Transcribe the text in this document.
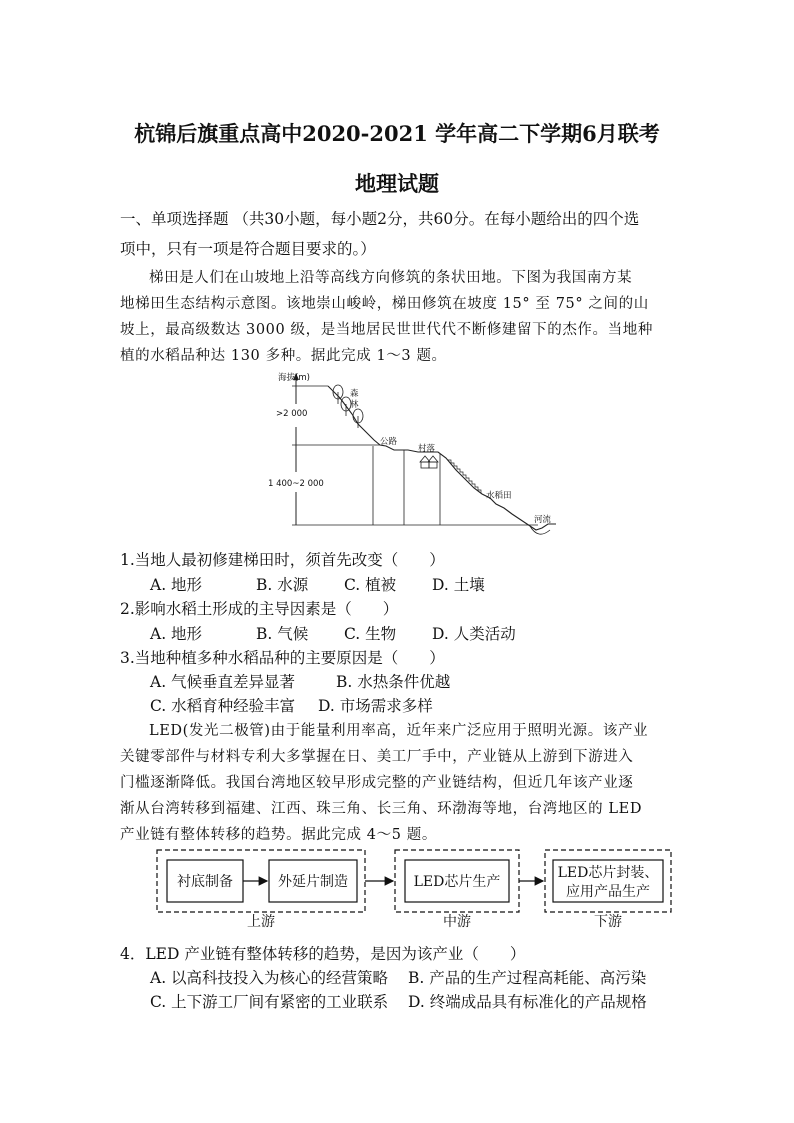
杭锦后旗重点高中2020-2021 学年高二下学期6月联考
地理试题
一、单项选择题 （共30小题，每小题2分，共60分。在每小题给出的四个选
项中，只有一项是符合题目要求的。）
梯田是人们在山坡地上沿等高线方向修筑的条状田地。下图为我国南方某
地梯田生态结构示意图。该地崇山峻岭，梯田修筑在坡度 15° 至 75° 之间的山
坡上，最高级数达 3000 级，是当地居民世世代代不断修建留下的杰作。当地种
植的水稻品种达 130 多种。据此完成 1～3 题。
海拔(m)
>2 000
1 400~2 000
森
林
公路
村落
水稻田
河流
1.当地人最初修建梯田时，须首先改变（　　）
A. 地形	B. 水源 C. 植被 D. 土壤
2.影响水稻土形成的主导因素是（　　）
A. 地形	B. 气候 C. 生物 D. 人类活动
3.当地种植多种水稻品种的主要原因是（　　）
A. 气候垂直差异显著	B. 水热条件优越
C. 水稻育种经验丰富 D. 市场需求多样
LED(发光二极管)由于能量利用率高，近年来广泛应用于照明光源。该产业
关键零部件与材料专利大多掌握在日、美工厂手中，产业链从上游到下游进入
门槛逐渐降低。我国台湾地区较早形成完整的产业链结构，但近几年该产业逐
渐从台湾转移到福建、江西、珠三角、长三角、环渤海等地，台湾地区的 LED
产业链有整体转移的趋势。据此完成 4～5 题。
衬底制备	外延片制造	LED芯片生产
LED芯片封装、
应用产品生产
上游	中游	下游
4．LED 产业链有整体转移的趋势，是因为该产业（　　）
A. 以高科技投入为核心的经营策略 B. 产品的生产过程高耗能、高污染
C. 上下游工厂间有紧密的工业联系 D. 终端成品具有标准化的产品规格
